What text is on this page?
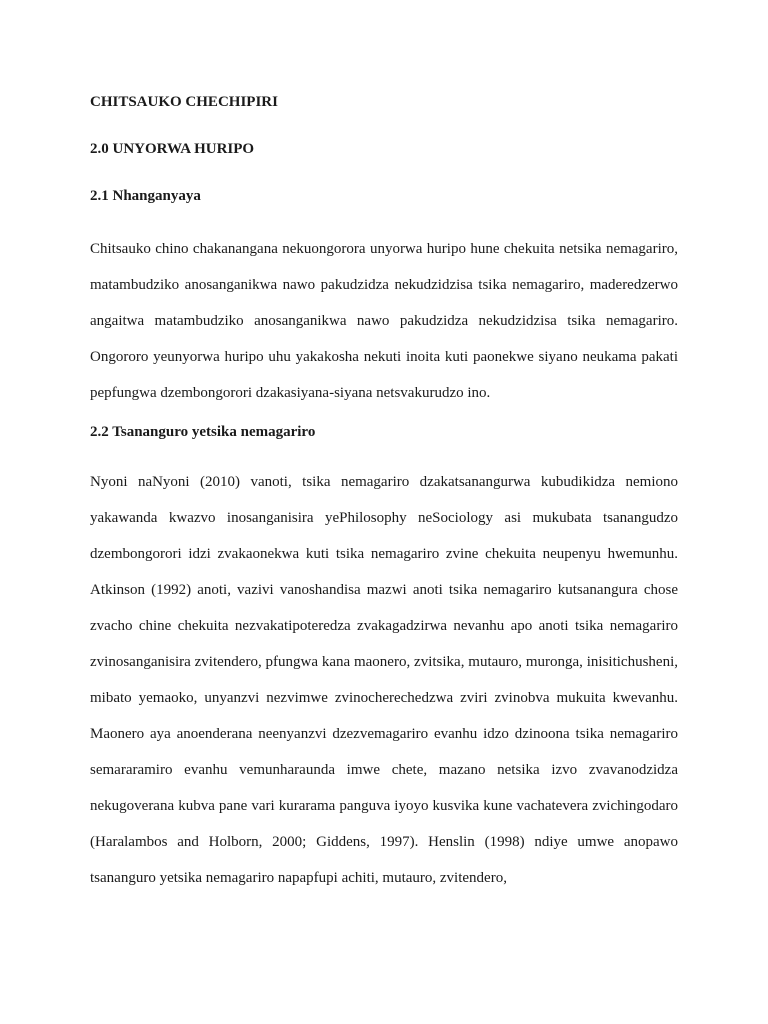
CHITSAUKO CHECHIPIRI

2.0 UNYORWA HURIPO

2.1 Nhanganyaya

Chitsauko chino chakanangana nekuongorora unyorwa huripo hune chekuita netsika nemagariro, matambudziko anosanganikwa nawo pakudzidza nekudzidzisa tsika nemagariro, maderedzerwo angaitwa matambudziko anosanganikwa nawo pakudzidza nekudzidzisa tsika nemagariro. Ongororo yeunyorwa huripo uhu yakakosha nekuti inoita kuti paonekwe siyano neukama pakati pepfungwa dzembongorori dzakasiyana-siyana netsvakurudzo ino.

2.2 Tsananguro yetsika nemagariro

Nyoni naNyoni (2010) vanoti, tsika nemagariro dzakatsanangurwa kubudikidza nemiono yakawanda kwazvo inosanganisira yePhilosophy neSociology asi mukubata tsanangudzo dzembongorori idzi zvakaonekwa kuti tsika nemagariro zvine chekuita neupenyu hwemunhu. Atkinson (1992) anoti, vazivi vanoshandisa mazwi anoti tsika nemagariro kutsanangura chose zvacho chine chekuita nezvakatipoteredza zvakagadzirwa nevanhu apo anoti tsika nemagariro zvinosanganisira zvitendero, pfungwa kana maonero, zvitsika, mutauro, muronga, inisitichusheni, mibato yemaoko, unyanzvi nezvimwe zvinocherechedzwa zviri zvinobva mukuita kwevanhu. Maonero aya anoenderana neenyanzvi dzezvemagariro evanhu idzo dzinoona tsika nemagariro semararamiro evanhu vemunharaunda imwe chete, mazano netsika izvo zvavanodzidza nekugoverana kubva pane vari kurarama panguva iyoyo kusvika kune vachatevera zvichingodaro (Haralambos and Holborn, 2000; Giddens, 1997). Henslin (1998) ndiye umwe anopawo tsananguro yetsika nemagariro napapfupi achiti, mutauro, zvitendero,
